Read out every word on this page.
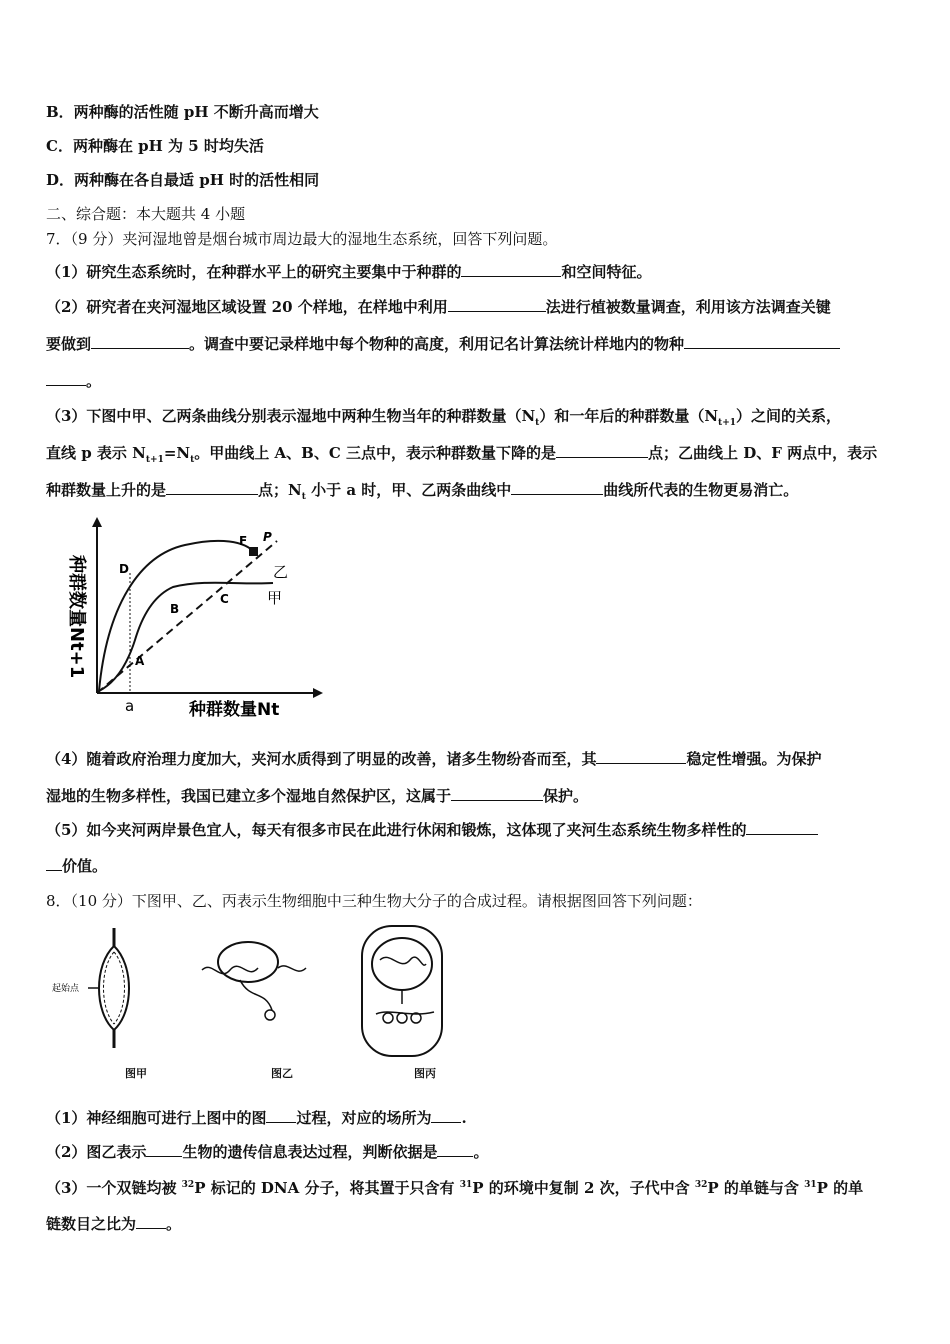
B．两种酶的活性随 pH 不断升高而增大
C．两种酶在 pH 为 5 时均失活
D．两种酶在各自最适 pH 时的活性相同
二、综合题：本大题共 4 小题
7．（9 分）夹河湿地曾是烟台城市周边最大的湿地生态系统，回答下列问题。
（1）研究生态系统时，在种群水平上的研究主要集中于种群的	和空间特征。
（2）研究者在夹河湿地区域设置 20 个样地，在样地中利用	法进行植被数量调查，利用该方法调查关键
要做到	。调查中要记录样地中每个物种的高度，利用记名计算法统计样地内的物种
。
（3）下图中甲、乙两条曲线分别表示湿地中两种生物当年的种群数量$(N_t)$和一年后的种群数量$(N_{t+1})$之间的关系，
直线 p 表示 $N_{t+1}=N_t$。甲曲线上 A、B、C 三点中，表示种群数量下降的是	点；乙曲线上 D、F 两点中，表示
种群数量上升的是	点；$N_t$ 小于 a 时，甲、乙两条曲线中	曲线所代表的生物更易消亡。
种群数量Nt+1
种群数量Nt
a
A
B
C
D
F P
乙
甲
（4）随着政府治理力度加大，夹河水质得到了明显的改善，诸多生物纷沓而至，其	稳定性增强。为保护
湿地的生物多样性，我国已建立多个湿地自然保护区，这属于	保护。
（5）如今夹河两岸景色宜人，每天有很多市民在此进行休闲和锻炼，这体现了夹河生态系统生物多样性的
价值。
8．（10 分）下图甲、乙、丙表示生物细胞中三种生物大分子的合成过程。请根据图回答下列问题：
起始点
图甲	图乙	图丙
（1）神经细胞可进行上图中的图 过程，对应的场所为 .
（2）图乙表示 生物的遗传信息表达过程，判断依据是 。
（3）一个双链均被 $^{32}$P 标记的 DNA 分子，将其置于只含有 $^{31}$P 的环境中复制 2 次，子代中含 $^{32}$P 的单链与含 $^{31}$P 的单
链数目之比为 。
